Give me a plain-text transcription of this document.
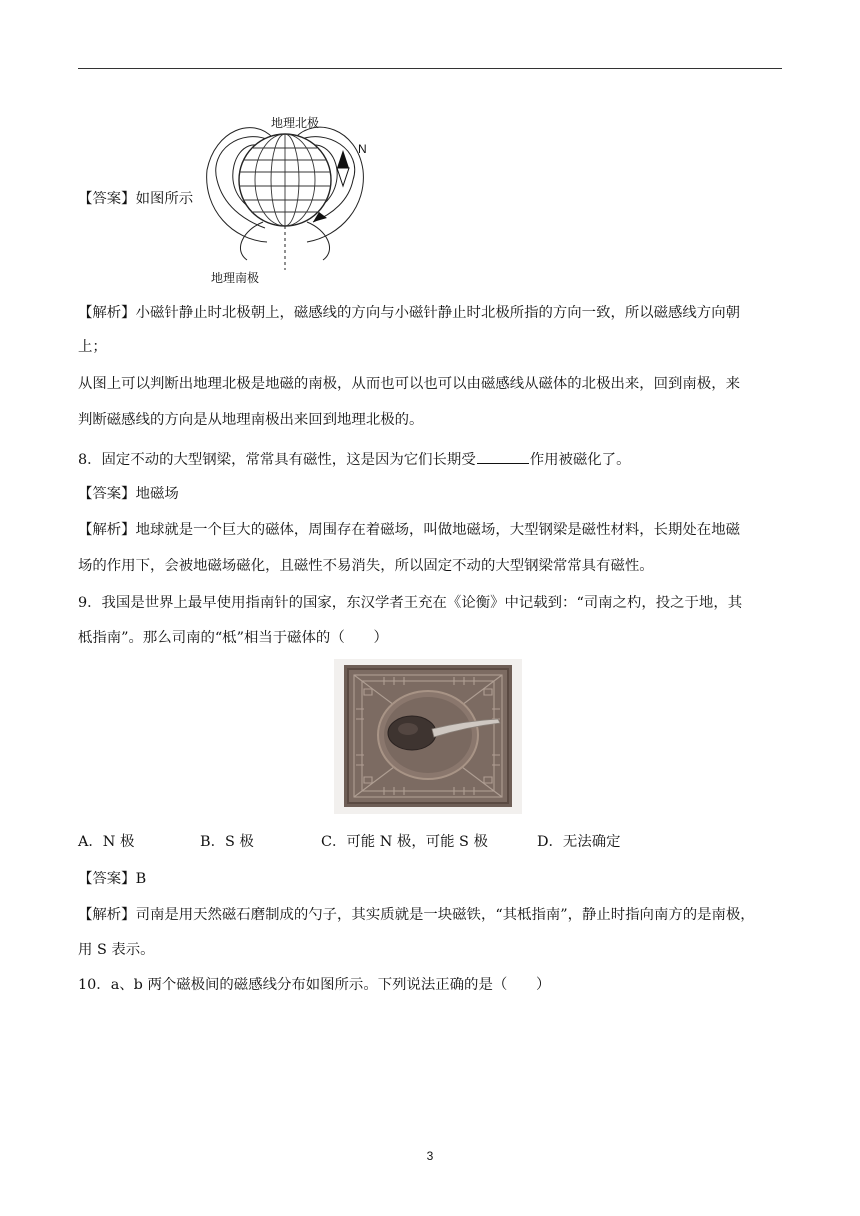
【答案】如图所示
地理北极
地理南极
N
【解析】小磁针静止时北极朝上，磁感线的方向与小磁针静止时北极所指的方向一致，所以磁感线方向朝
上；
从图上可以判断出地理北极是地磁的南极，从而也可以也可以由磁感线从磁体的北极出来，回到南极，来
判断磁感线的方向是从地理南极出来回到地理北极的。
8．固定不动的大型钢梁，常常具有磁性，这是因为它们长期受	作用被磁化了。
【答案】地磁场
【解析】地球就是一个巨大的磁体，周围存在着磁场，叫做地磁场，大型钢梁是磁性材料，长期处在地磁
场的作用下，会被地磁场磁化，且磁性不易消失，所以固定不动的大型钢梁常常具有磁性。
9．我国是世界上最早使用指南针的国家，东汉学者王充在《论衡》中记载到：“司南之杓，投之于地，其
柢指南”。那么司南的“柢”相当于磁体的（　　）
A．N 极	B．S 极	C．可能 N 极，可能 S 极	D．无法确定
【答案】B
【解析】司南是用天然磁石磨制成的勺子，其实质就是一块磁铁，“其柢指南”，静止时指向南方的是南极，
用 S 表示。
10．a、b 两个磁极间的磁感线分布如图所示。下列说法正确的是（　　）
3
